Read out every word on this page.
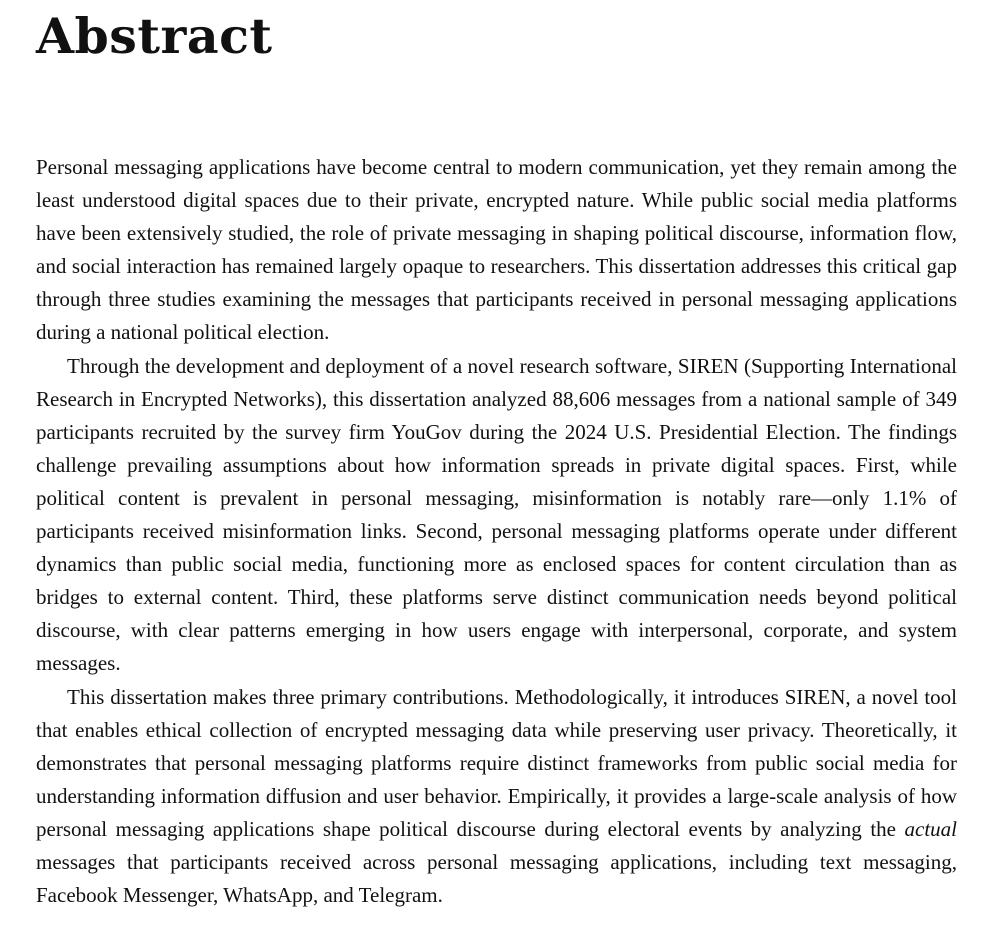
Abstract

Personal messaging applications have become central to modern communication, yet they remain among the least understood digital spaces due to their private, encrypted nature. While public social media platforms have been extensively studied, the role of private messaging in shaping political discourse, information flow, and social interaction has remained largely opaque to researchers. This dissertation addresses this critical gap through three studies examining the messages that participants received in personal messaging applications during a national political election.

Through the development and deployment of a novel research software, SIREN (Supporting International Research in Encrypted Networks), this dissertation analyzed 88,606 messages from a national sample of 349 participants recruited by the survey firm YouGov during the 2024 U.S. Presidential Election. The findings challenge prevailing assumptions about how information spreads in private digital spaces. First, while political content is prevalent in personal messaging, misinformation is notably rare—only 1.1% of participants received misinformation links. Second, personal messaging platforms operate under different dynamics than public social media, functioning more as enclosed spaces for content circulation than as bridges to external content. Third, these platforms serve distinct communication needs beyond political discourse, with clear patterns emerging in how users engage with interpersonal, corporate, and system messages.

This dissertation makes three primary contributions. Methodologically, it introduces SIREN, a novel tool that enables ethical collection of encrypted messaging data while preserving user privacy. Theoretically, it demonstrates that personal messaging platforms require distinct frameworks from public social media for understanding information diffusion and user behavior. Empirically, it provides a large-scale analysis of how personal messaging applications shape political discourse during electoral events by analyzing the actual messages that participants received across personal messaging applications, including text messaging, Facebook Messenger, WhatsApp, and Telegram.
